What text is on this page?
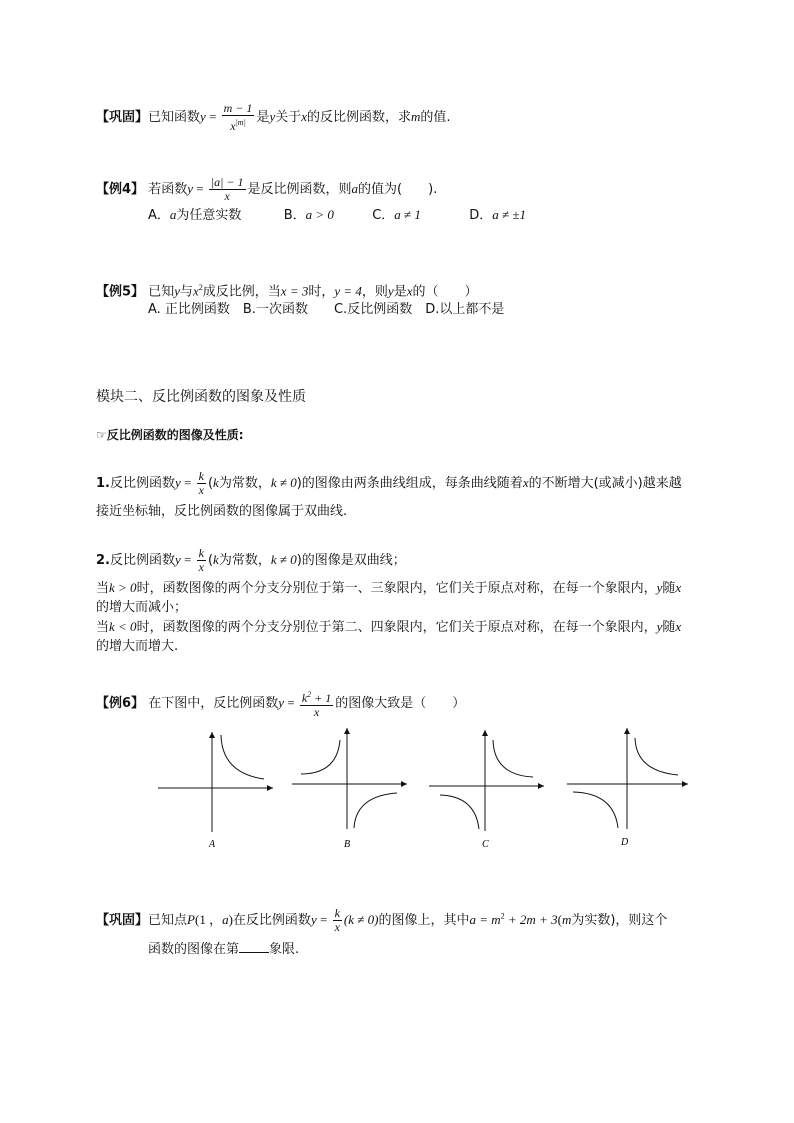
【巩固】已知函数$y = \frac{m - 1}{x^{|m|}}$ 是y关于x的反比例函数，求m的值.
【例4】 若函数$y = \frac{|a| - 1}{x}$ 是反比例函数，则a的值为(　　).
A．a为任意实数	B．a > 0	C．a ≠ 1	D．a ≠ ±1
【例5】 已知y与$x^2$成反比例，当x = 3时，y = 4，则y是x的（　　）
A. 正比例函数　B.一次函数　　C.反比例函数　D.以上都不是
模块二、反比例函数的图象及性质
☞反比例函数的图像及性质:
1.反比例函数$y = \frac{k}{x} (k$为常数，k ≠ 0)的图像由两条曲线组成，每条曲线随着x的不断增大(或减小)越来越
接近坐标轴，反比例函数的图像属于双曲线.
2.反比例函数$y = \frac{k}{x} (k$为常数，k ≠ 0)的图像是双曲线；
当k > 0时，函数图像的两个分支分别位于第一、三象限内，它们关于原点对称，在每一个象限内，y随x
的增大而减小；
当k < 0时，函数图像的两个分支分别位于第二、四象限内，它们关于原点对称，在每一个象限内，y随x
的增大而增大.
【例6】 在下图中，反比例函数$y = \frac{k^2 + 1}{x}$ 的图像大致是（　　）
A	B	C	D
【巩固】已知点P(1 ，a)在反比例函数$y = \frac{k}{x} (k \ne 0)$的图像上，其中$a = m^2 + 2m + 3(m$为实数)，则这个
函数的图像在第 象限.
